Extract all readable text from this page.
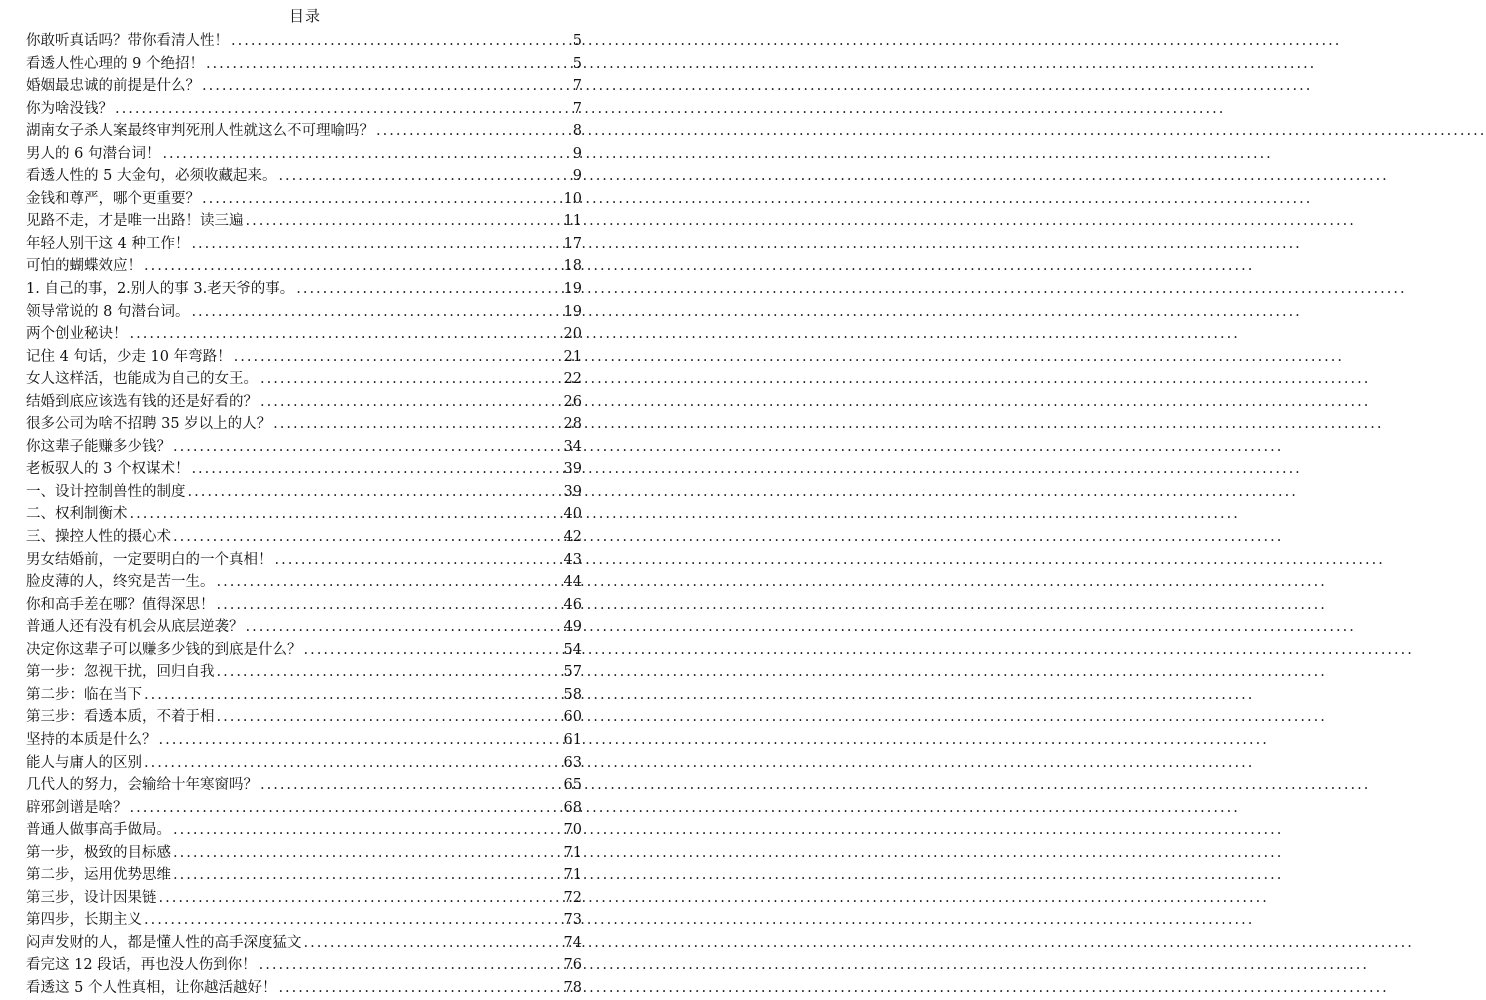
目录
你敢听真话吗？带你看清人性！ .....	5
看透人性心理的 9 个绝招！ .....	5
婚姻最忠诚的前提是什么？ .....	7
你为啥没钱？ .....	7
湖南女子杀人案最终审判死刑人性就这么不可理喻吗？ .....	8
男人的 6 句潜台词！ .....	9
看透人性的 5 大金句，必须收藏起来。 .....	9
金钱和尊严，哪个更重要？ .....	10
见路不走，才是唯一出路！读三遍 .....	11
年轻人别干这 4 种工作！ .....	17
可怕的蝴蝶效应！ .....	18
1. 自己的事，2.别人的事 3.老天爷的事。 .....	19
领导常说的 8 句潜台词。 .....	19
两个创业秘诀！ .....	20
记住 4 句话，少走 10 年弯路！ .....	21
女人这样活，也能成为自己的女王。 .....	22
结婚到底应该选有钱的还是好看的？ .....	26
很多公司为啥不招聘 35 岁以上的人？ .....	28
你这辈子能赚多少钱？ .....	34
老板驭人的 3 个权谋术！ .....	39
一、设计控制兽性的制度 .....	39
二、权利制衡术 .....	40
三、操控人性的摄心术 .....	42
男女结婚前，一定要明白的一个真相！ .....	43
脸皮薄的人，终究是苦一生。 .....	44
你和高手差在哪？值得深思！ .....	46
普通人还有没有机会从底层逆袭？ .....	49
决定你这辈子可以赚多少钱的到底是什么？ .....	54
第一步：忽视干扰，回归自我 .....	57
第二步：临在当下 .....	58
第三步：看透本质，不着于相 .....	60
坚持的本质是什么？ .....	61
能人与庸人的区别 .....	63
几代人的努力，会输给十年寒窗吗？ .....	65
辟邪剑谱是啥？ .....	68
普通人做事高手做局。 .....	70
第一步，极致的目标感 .....	71
第二步，运用优势思维 .....	71
第三步，设计因果链 .....	72
第四步，长期主义 .....	73
闷声发财的人，都是懂人性的高手深度猛文 .....	74
看完这 12 段话，再也没人伤到你！ .....	76
看透这 5 个人性真相，让你越活越好！ .....	78
